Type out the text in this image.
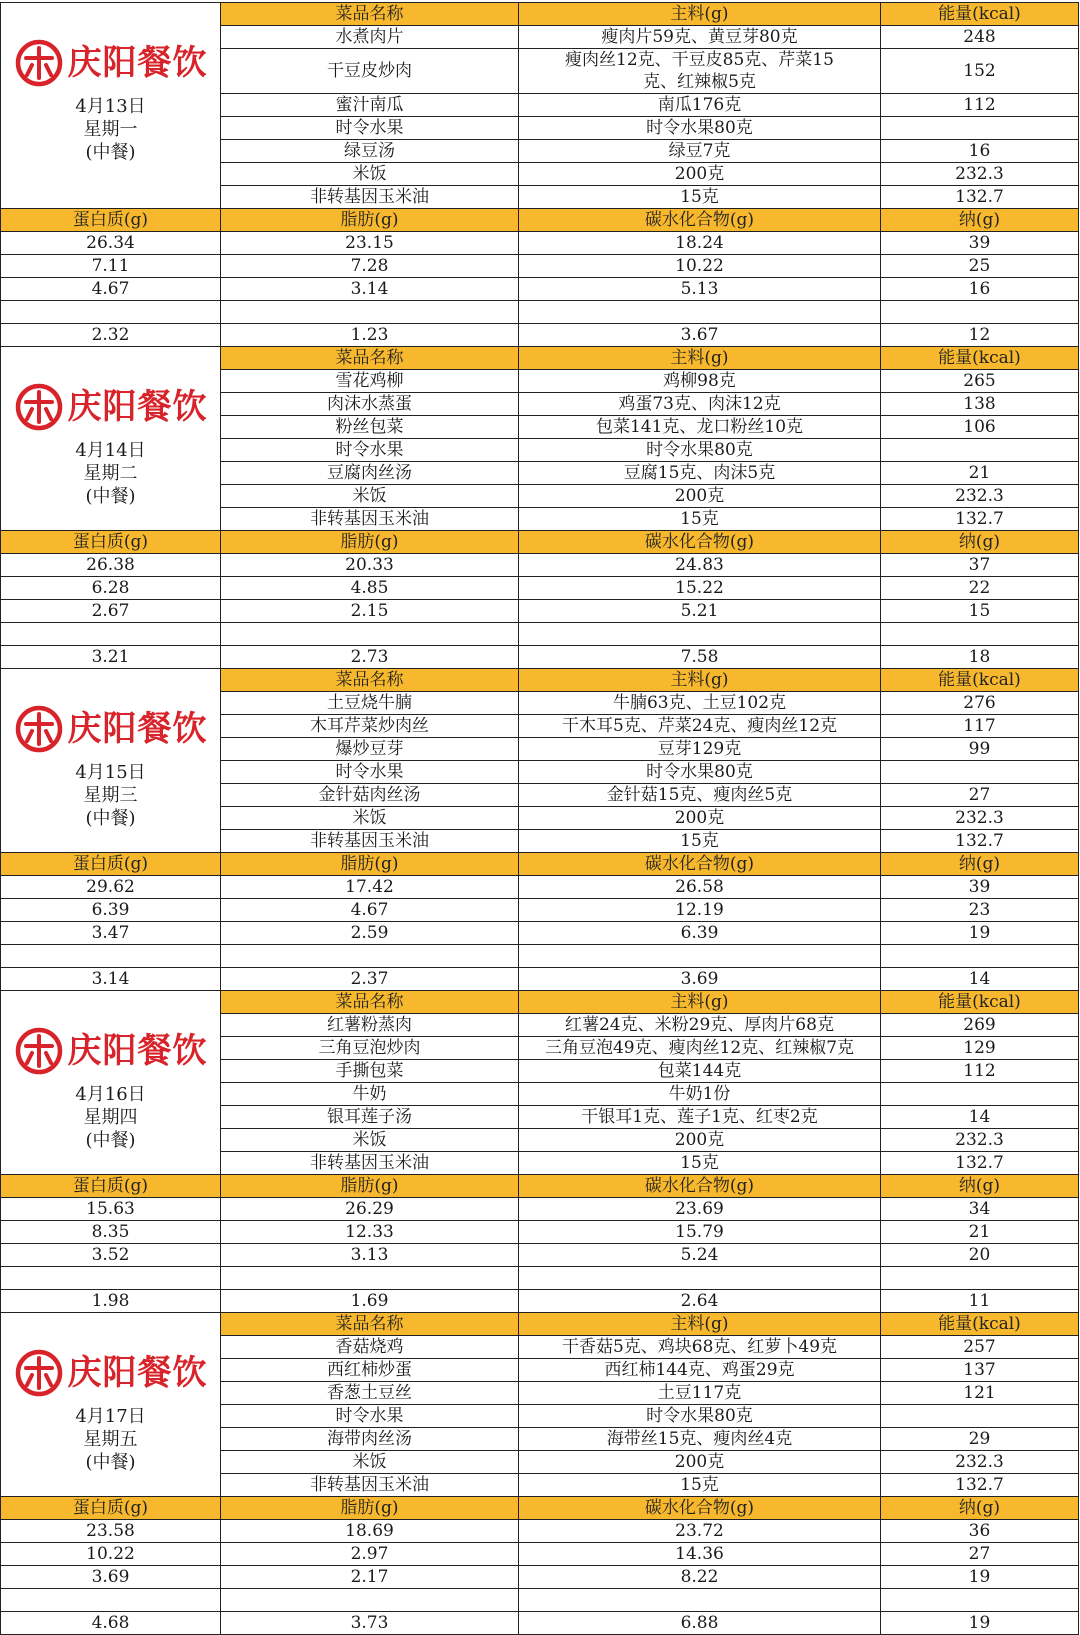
庆阳餐饮
4月13日
星期一
(中餐)	菜品名称	主料(g)	能量(kcal)
	水煮肉片	瘦肉片59克、黄豆芽80克	248
	干豆皮炒肉	瘦肉丝12克、干豆皮85克、芹菜15克、红辣椒5克	152
	蜜汁南瓜	南瓜176克	112
	时令水果	时令水果80克	
	绿豆汤	绿豆7克	16
	米饭	200克	232.3
	非转基因玉米油	15克	132.7
蛋白质(g)	脂肪(g)	碳水化合物(g)	纳(g)
26.34	23.15	18.24	39
7.11	7.28	10.22	25
4.67	3.14	5.13	16

2.32	1.23	3.67	12

庆阳餐饮
4月14日
星期二
(中餐)	菜品名称	主料(g)	能量(kcal)
	雪花鸡柳	鸡柳98克	265
	肉沫水蒸蛋	鸡蛋73克、肉沫12克	138
	粉丝包菜	包菜141克、龙口粉丝10克	106
	时令水果	时令水果80克	
	豆腐肉丝汤	豆腐15克、肉沫5克	21
	米饭	200克	232.3
	非转基因玉米油	15克	132.7
蛋白质(g)	脂肪(g)	碳水化合物(g)	纳(g)
26.38	20.33	24.83	37
6.28	4.85	15.22	22
2.67	2.15	5.21	15

3.21	2.73	7.58	18

庆阳餐饮
4月15日
星期三
(中餐)	菜品名称	主料(g)	能量(kcal)
	土豆烧牛腩	牛腩63克、土豆102克	276
	木耳芹菜炒肉丝	干木耳5克、芹菜24克、瘦肉丝12克	117
	爆炒豆芽	豆芽129克	99
	时令水果	时令水果80克	
	金针菇肉丝汤	金针菇15克、瘦肉丝5克	27
	米饭	200克	232.3
	非转基因玉米油	15克	132.7
蛋白质(g)	脂肪(g)	碳水化合物(g)	纳(g)
29.62	17.42	26.58	39
6.39	4.67	12.19	23
3.47	2.59	6.39	19

3.14	2.37	3.69	14

庆阳餐饮
4月16日
星期四
(中餐)	菜品名称	主料(g)	能量(kcal)
	红薯粉蒸肉	红薯24克、米粉29克、厚肉片68克	269
	三角豆泡炒肉	三角豆泡49克、瘦肉丝12克、红辣椒7克	129
	手撕包菜	包菜144克	112
	牛奶	牛奶1份	
	银耳莲子汤	干银耳1克、莲子1克、红枣2克	14
	米饭	200克	232.3
	非转基因玉米油	15克	132.7
蛋白质(g)	脂肪(g)	碳水化合物(g)	纳(g)
15.63	26.29	23.69	34
8.35	12.33	15.79	21
3.52	3.13	5.24	20

1.98	1.69	2.64	11

庆阳餐饮
4月17日
星期五
(中餐)	菜品名称	主料(g)	能量(kcal)
	香菇烧鸡	干香菇5克、鸡块68克、红萝卜49克	257
	西红柿炒蛋	西红柿144克、鸡蛋29克	137
	香葱土豆丝	土豆117克	121
	时令水果	时令水果80克	
	海带肉丝汤	海带丝15克、瘦肉丝4克	29
	米饭	200克	232.3
	非转基因玉米油	15克	132.7
蛋白质(g)	脂肪(g)	碳水化合物(g)	纳(g)
23.58	18.69	23.72	36
10.22	2.97	14.36	27
3.69	2.17	8.22	19

4.68	3.73	6.88	19
